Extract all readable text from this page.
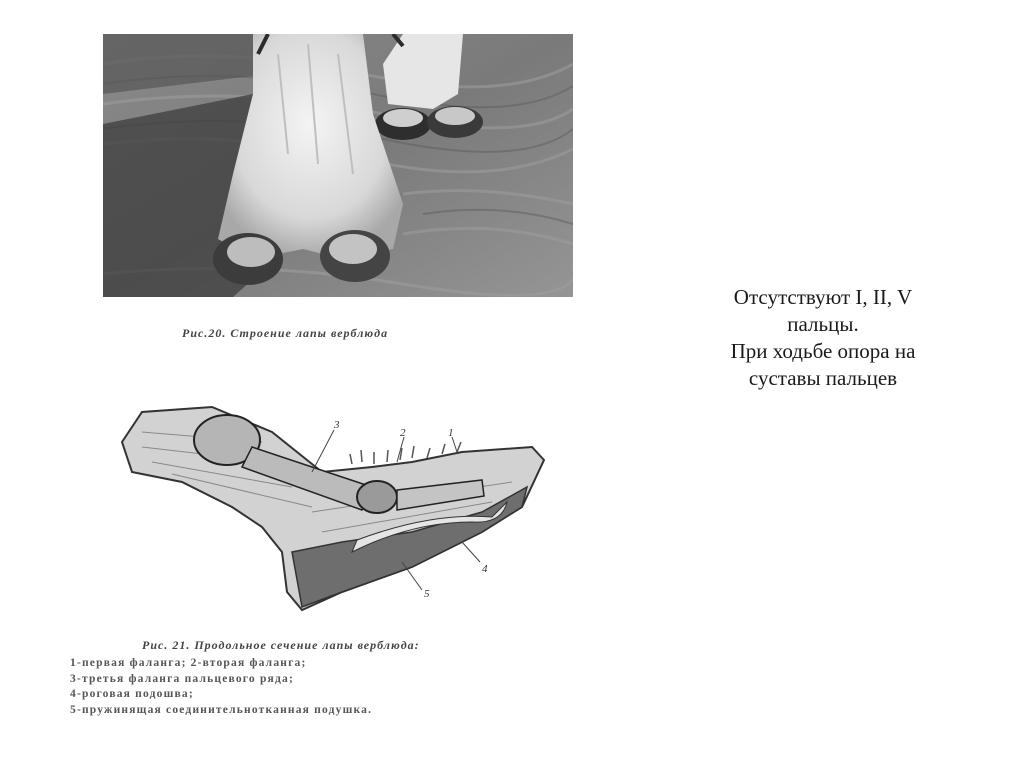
Рис.20. Строение лапы верблюда
3
2	1
4
5
Рис. 21. Продольное сечение лапы верблюда:
1-первая фаланга; 2-вторая фаланга;
3-третья фаланга пальцевого ряда;
4-роговая подошва;
5-пружинящая соединительнотканная подушка.
Отсутствуют I, II, V
пальцы.
При ходьбе опора на
суставы пальцев
